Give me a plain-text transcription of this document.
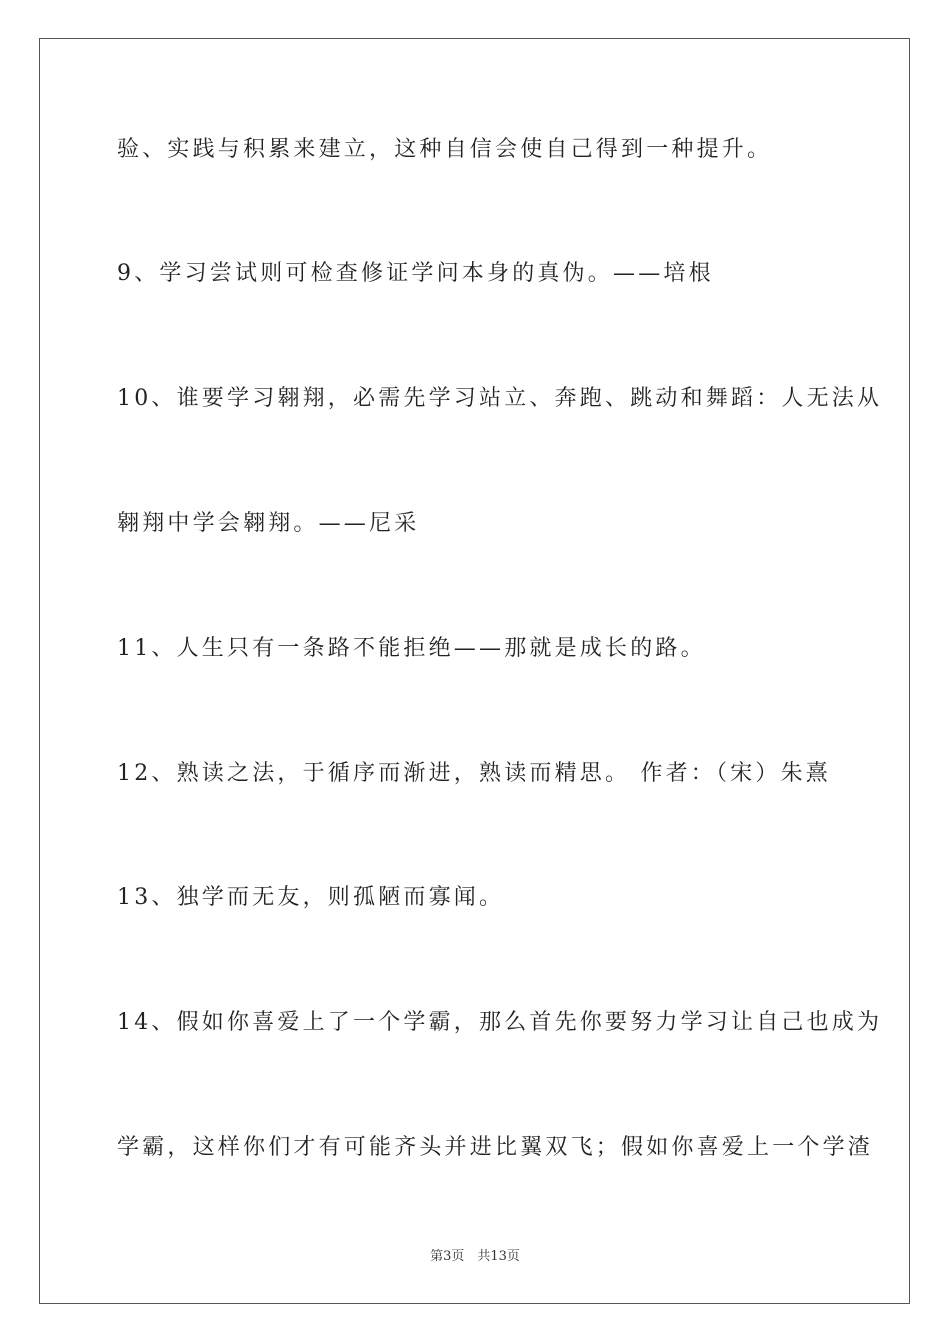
验、实践与积累来建立，这种自信会使自己得到一种提升。
9、学习尝试则可检查修证学问本身的真伪。——培根
10、谁要学习翱翔，必需先学习站立、奔跑、跳动和舞蹈：人无法从
翱翔中学会翱翔。——尼采
11、人生只有一条路不能拒绝——那就是成长的路。
12、熟读之法，于循序而渐进，熟读而精思。 作者：（宋）朱熹
13、独学而无友，则孤陋而寡闻。
14、假如你喜爱上了一个学霸，那么首先你要努力学习让自己也成为
学霸，这样你们才有可能齐头并进比翼双飞；假如你喜爱上一个学渣
第3页　共13页
